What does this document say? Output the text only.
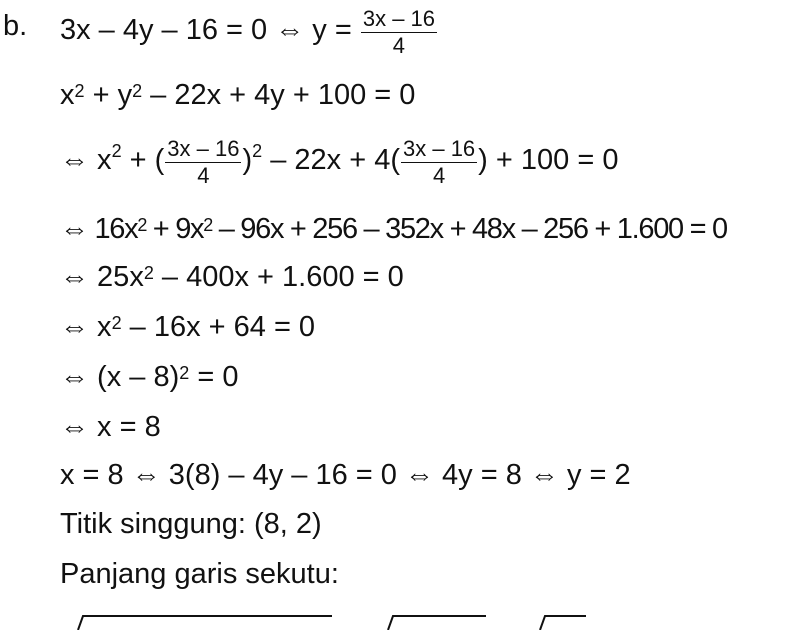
b. 3x – 4y – 16 = 0 ⇔ $y = \frac{3x - 16}{4}$
$x^2 + y^2 - 22x + 4y + 100 = 0$
⇔ $x^2$ + ( $\frac{3x - 16}{4} )^2 - 22x + 4( \frac{3x - 16}{4}$ ) + 100 = 0
⇔ $16x^2 + 9x^2 - 96x + 256 - 352x + 48x - 256 + 1.600 = 0$
⇔ $25x^2 - 400x + 1.600 = 0$
⇔ $x^2 - 16x + 64 = 0$
⇔ (x – 8)$^2$ = 0
⇔ x = 8
x = 8 ⇔ 3(8) – 4y – 16 = 0 ⇔ 4y = 8 ⇔ y = 2
Titik singgung: (8, 2)
Panjang garis sekutu:
